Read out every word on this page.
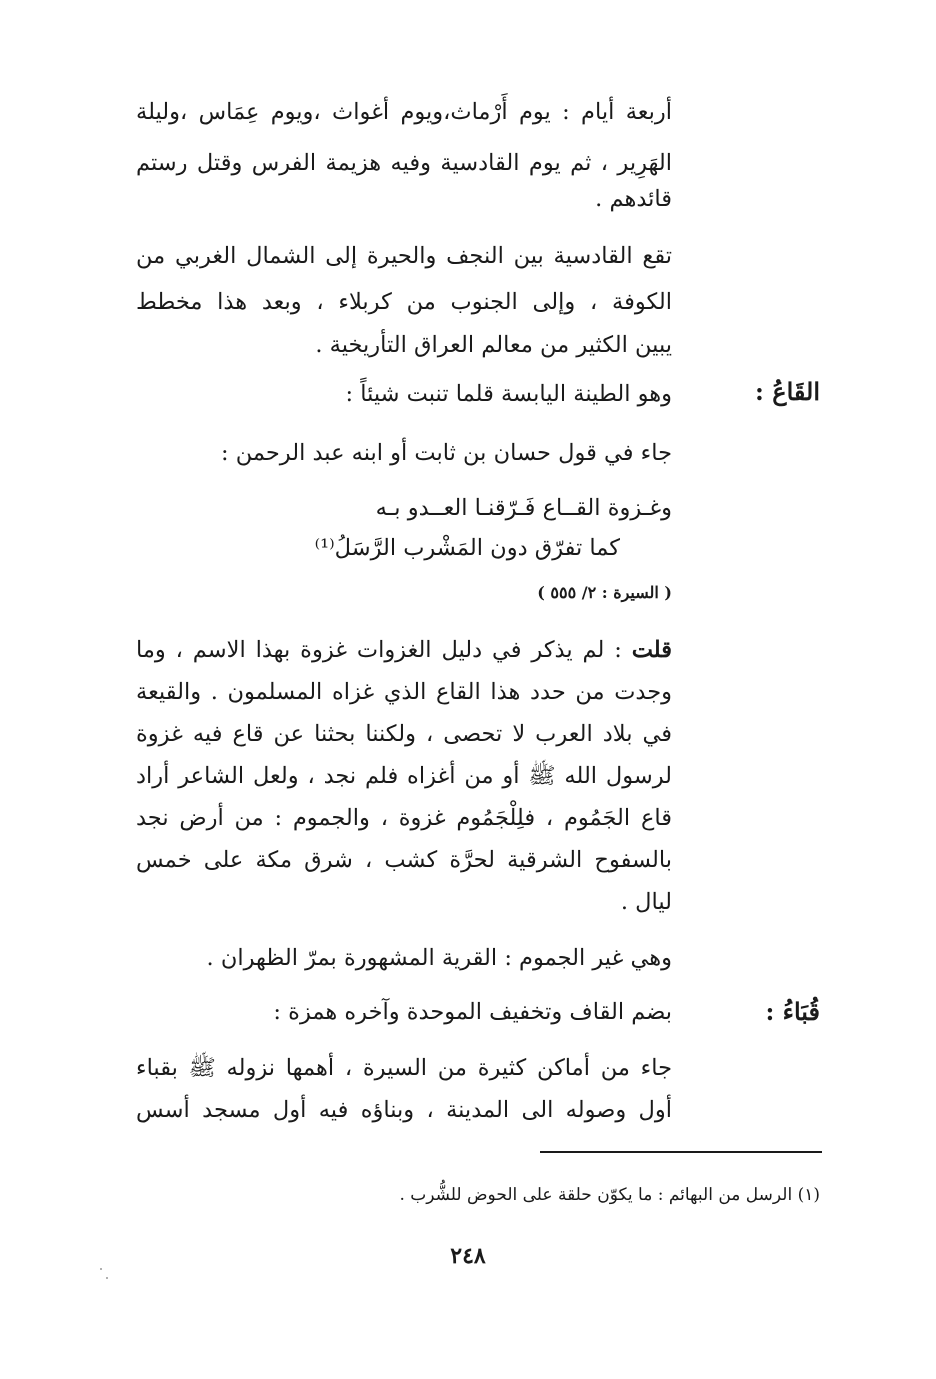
أربعة أيام : يوم أَرْماث،ويوم أغواث ،ويوم عِمَاس ،وليلة
الهَرِير ، ثم يوم القادسية وفيه هزيمة الفرس وقتل رستم
قائدهم .
تقع القادسية بين النجف والحيرة إلى الشمال الغربي من
الكوفة ، وإلى الجنوب من كربلاء ، وبعد هذا مخطط
يبين الكثير من معالم العراق التأريخية .
القَاعُ :
وهو الطينة اليابسة قلما تنبت شيئاً :
جاء في قول حسان بن ثابت أو ابنه عبد الرحمن :
وغـزوة القــاع فَـرّقنـا العــدو بـه
كما تفرّق دون المَشْرب الرَّسَلُ⁽¹⁾
( السيرة : ٢/ ٥٥٥ )
قلت : لم يذكر في دليل الغزوات غزوة بهذا الاسم ، وما
وجدت من حدد هذا القاع الذي غزاه المسلمون . والقيعة
في بلاد العرب لا تحصى ، ولكننا بحثنا عن قاع فيه غزوة
لرسول الله ﷺ أو من أغزاه فلم نجد ، ولعل الشاعر أراد
قاع الجَمُوم ، فلِلْجَمُوم غزوة ، والجموم : من أرض نجد
بالسفوح الشرقية لحرَّة كشب ، شرق مكة على خمس
ليال .
وهي غير الجموم : القرية المشهورة بمرّ الظهران .
قُبَاءُ :
بضم القاف وتخفيف الموحدة وآخره همزة :
جاء من أماكن كثيرة من السيرة ، أهمها نزوله ﷺ بقباء
أول وصوله الى المدينة ، وبناؤه فيه أول مسجد أسس
(١) الرسل من البهائم : ما يكوّن حلقة على الحوض للشُّرب .
٢٤٨
